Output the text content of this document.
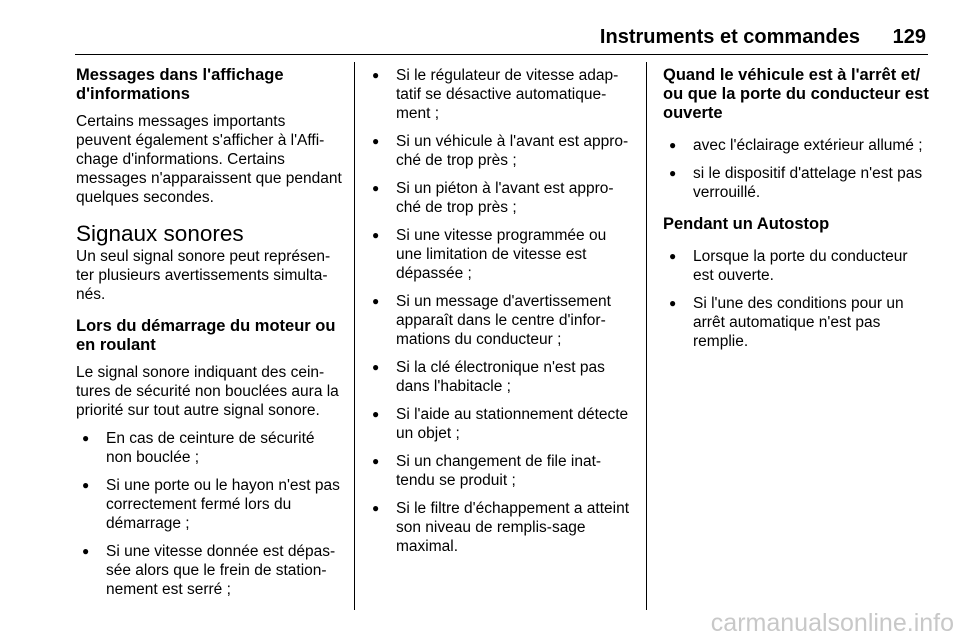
Instruments et commandes	129
Messages dans l'affichage d'informations

Certains messages importants peuvent également s'afficher à l'Affi-chage d'informations. Certains messages n'apparaissent que pendant quelques secondes.

Signaux sonores

Un seul signal sonore peut représen-ter plusieurs avertissements simulta-nés.

Lors du démarrage du moteur ou en roulant

Le signal sonore indiquant des cein-tures de sécurité non bouclées aura la priorité sur tout autre signal sonore.

● En cas de ceinture de sécurité non bouclée ;
● Si une porte ou le hayon n'est pas correctement fermé lors du démarrage ;
● Si une vitesse donnée est dépas-sée alors que le frein de station-nement est serré ;
● Si le régulateur de vitesse adap-tatif se désactive automatique-ment ;
● Si un véhicule à l'avant est appro-ché de trop près ;
● Si un piéton à l'avant est appro-ché de trop près ;
● Si une vitesse programmée ou une limitation de vitesse est dépassée ;
● Si un message d'avertissement apparaît dans le centre d'infor-mations du conducteur ;
● Si la clé électronique n'est pas dans l'habitacle ;
● Si l'aide au stationnement détecte un objet ;
● Si un changement de file inat-tendu se produit ;
● Si le filtre d'échappement a atteint son niveau de remplis-sage maximal.
Quand le véhicule est à l'arrêt et/ ou que la porte du conducteur est ouverte
● avec l'éclairage extérieur allumé ;
● si le dispositif d'attelage n'est pas verrouillé.
Pendant un Autostop
● Lorsque la porte du conducteur est ouverte.
● Si l'une des conditions pour un arrêt automatique n'est pas remplie.
carmanualsonline.info
